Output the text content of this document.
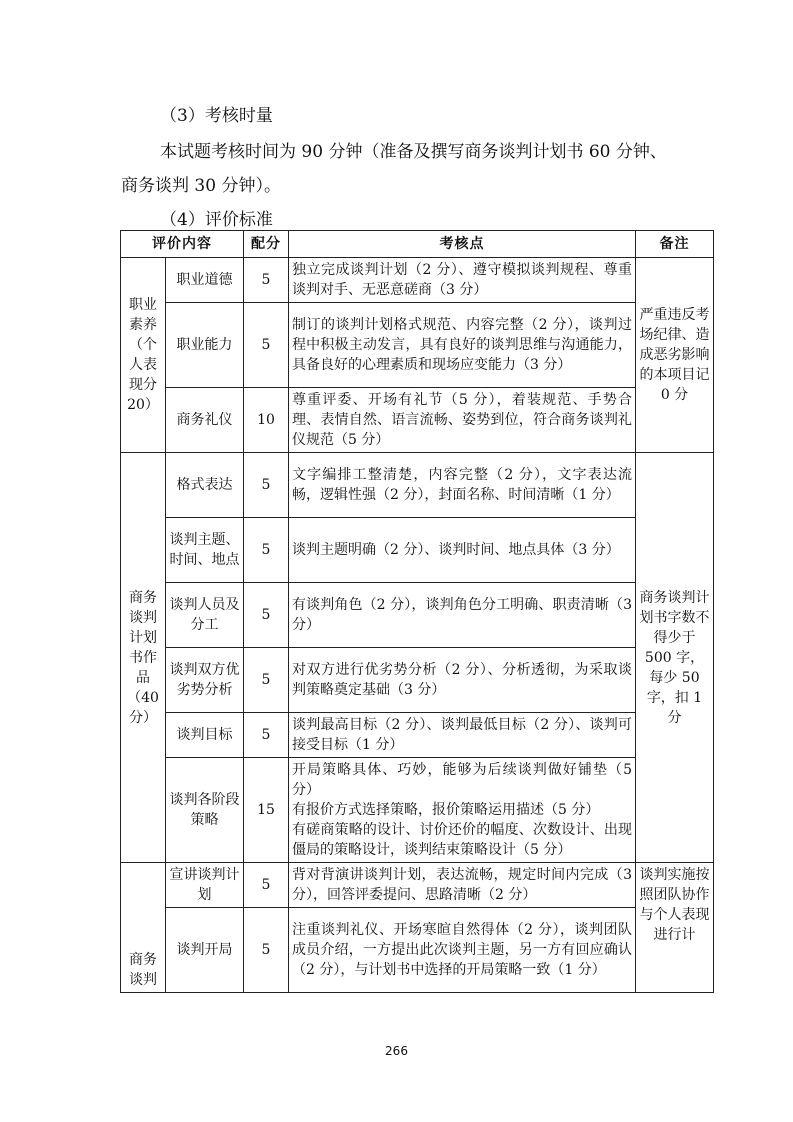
（3）考核时量
本试题考核时间为 90 分钟（准备及撰写商务谈判计划书 60 分钟、
商务谈判 30 分钟）。
（4）评价标准
评价内容		配分	考核点	备注
职业素养（个人表现分20）	职业道德	5	独立完成谈判计划（2 分）、遵守模拟谈判规程、尊重谈判对手、无恶意磋商（3 分）	严重违反考场纪律、造成恶劣影响的本项目记 0 分
	职业能力	5	制订的谈判计划格式规范、内容完整（2 分），谈判过程中积极主动发言，具有良好的谈判思维与沟通能力，具备良好的心理素质和现场应变能力（3 分）	
	商务礼仪	10	尊重评委、开场有礼节（5 分），着装规范、手势合理、表情自然、语言流畅、姿势到位，符合商务谈判礼仪规范（5 分）	
商务谈判计划书作品（40分）	格式表达	5	文字编排工整清楚，内容完整（2 分），文字表达流畅，逻辑性强（2 分），封面名称、时间清晰（1 分）	商务谈判计划书字数不得少于 500 字，每少 50 字，扣 1 分
	谈判主题、时间、地点	5	谈判主题明确（2 分）、谈判时间、地点具体（3 分）	
	谈判人员及分工	5	有谈判角色（2 分），谈判角色分工明确、职责清晰（3 分）	
	谈判双方优劣势分析	5	对双方进行优劣势分析（2 分）、分析透彻，为采取谈判策略奠定基础（3 分）	
	谈判目标	5	谈判最高目标（2 分）、谈判最低目标（2 分）、谈判可接受目标（1 分）	
	谈判各阶段策略	15	开局策略具体、巧妙，能够为后续谈判做好铺垫（5 分）
有报价方式选择策略，报价策略运用描述（5 分）
有磋商策略的设计、讨价还价的幅度、次数设计、出现僵局的策略设计，谈判结束策略设计（5 分）	
商务谈判	宣讲谈判计划	5	背对背演讲谈判计划，表达流畅，规定时间内完成（3 分），回答评委提问、思路清晰（2 分）	谈判实施按照团队协作与个人表现进行计
	谈判开局	5	注重谈判礼仪、开场寒暄自然得体（2 分），谈判团队成员介绍，一方提出此次谈判主题，另一方有回应确认（2 分），与计划书中选择的开局策略一致（1 分）	
266
